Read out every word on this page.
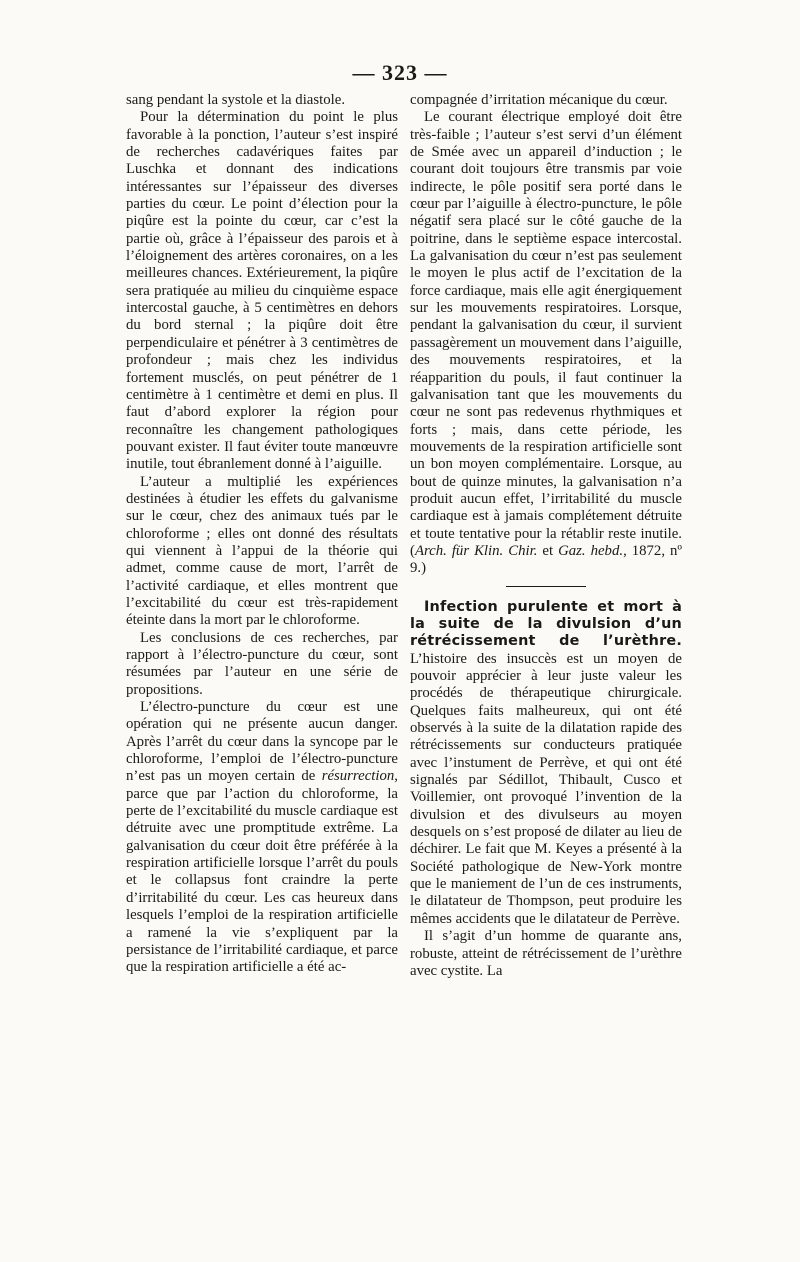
— 323 —

sang pendant la systole et la diastole.

Pour la détermination du point le plus favorable à la ponction, l’auteur s’est inspiré de recherches cadavériques faites par Luschka et donnant des indications intéressantes sur l’épaisseur des diverses parties du cœur. Le point d’élection pour la piqûre est la pointe du cœur, car c’est la partie où, grâce à l’épaisseur des parois et à l’éloignement des artères coronaires, on a les meilleures chances. Extérieurement, la piqûre sera pratiquée au milieu du cinquième espace intercostal gauche, à 5 centimètres en dehors du bord sternal ; la piqûre doit être perpendiculaire et pénétrer à 3 centimètres de profondeur ; mais chez les individus fortement musclés, on peut pénétrer de 1 centimètre à 1 centimètre et demi en plus. Il faut d’abord explorer la région pour reconnaître les changement pathologiques pouvant exister. Il faut éviter toute manœuvre inutile, tout ébranlement donné à l’aiguille.

L’auteur a multiplié les expériences destinées à étudier les effets du galvanisme sur le cœur, chez des animaux tués par le chloroforme ; elles ont donné des résultats qui viennent à l’appui de la théorie qui admet, comme cause de mort, l’arrêt de l’activité cardiaque, et elles montrent que l’excitabilité du cœur est très-rapidement éteinte dans la mort par le chloroforme.

Les conclusions de ces recherches, par rapport à l’électro-puncture du cœur, sont résumées par l’auteur en une série de propositions.

L’électro-puncture du cœur est une opération qui ne présente aucun danger. Après l’arrêt du cœur dans la syncope par le chloroforme, l’emploi de l’électro-puncture n’est pas un moyen certain de résurrection, parce que par l’action du chloroforme, la perte de l’excitabilité du muscle cardiaque est détruite avec une promptitude extrême. La galvanisation du cœur doit être préférée à la respiration artificielle lorsque l’arrêt du pouls et le collapsus font craindre la perte d’irritabilité du cœur. Les cas heureux dans lesquels l’emploi de la respiration artificielle a ramené la vie s’expliquent par la persistance de l’irritabilité cardiaque, et parce que la respiration artificielle a été ac-

compagnée d’irritation mécanique du cœur.

Le courant électrique employé doit être très-faible ; l’auteur s’est servi d’un élément de Smée avec un appareil d’induction ; le courant doit toujours être transmis par voie indirecte, le pôle positif sera porté dans le cœur par l’aiguille à électro-puncture, le pôle négatif sera placé sur le côté gauche de la poitrine, dans le septième espace intercostal. La galvanisation du cœur n’est pas seulement le moyen le plus actif de l’excitation de la force cardiaque, mais elle agit énergiquement sur les mouvements respiratoires. Lorsque, pendant la galvanisation du cœur, il survient passagèrement un mouvement dans l’aiguille, des mouvements respiratoires, et la réapparition du pouls, il faut continuer la galvanisation tant que les mouvements du cœur ne sont pas redevenus rhythmiques et forts ; mais, dans cette période, les mouvements de la respiration artificielle sont un bon moyen complémentaire. Lorsque, au bout de quinze minutes, la galvanisation n’a produit aucun effet, l’irritabilité du muscle cardiaque est à jamais complétement détruite et toute tentative pour la rétablir reste inutile. (Arch. für Klin. Chir. et Gaz. hebd., 1872, nº 9.)

Infection purulente et mort à la suite de la divulsion d’un rétrécissement de l’urèthre. L’histoire des insuccès est un moyen de pouvoir apprécier à leur juste valeur les procédés de thérapeutique chirurgicale. Quelques faits malheureux, qui ont été observés à la suite de la dilatation rapide des rétrécissements sur conducteurs pratiquée avec l’instument de Perrève, et qui ont été signalés par Sédillot, Thibault, Cusco et Voillemier, ont provoqué l’invention de la divulsion et des divulseurs au moyen desquels on s’est proposé de dilater au lieu de déchirer. Le fait que M. Keyes a présenté à la Société pathologique de New-York montre que le maniement de l’un de ces instruments, le dilatateur de Thompson, peut produire les mêmes accidents que le dilatateur de Perrève.

Il s’agit d’un homme de quarante ans, robuste, atteint de rétrécissement de l’urèthre avec cystite. La
